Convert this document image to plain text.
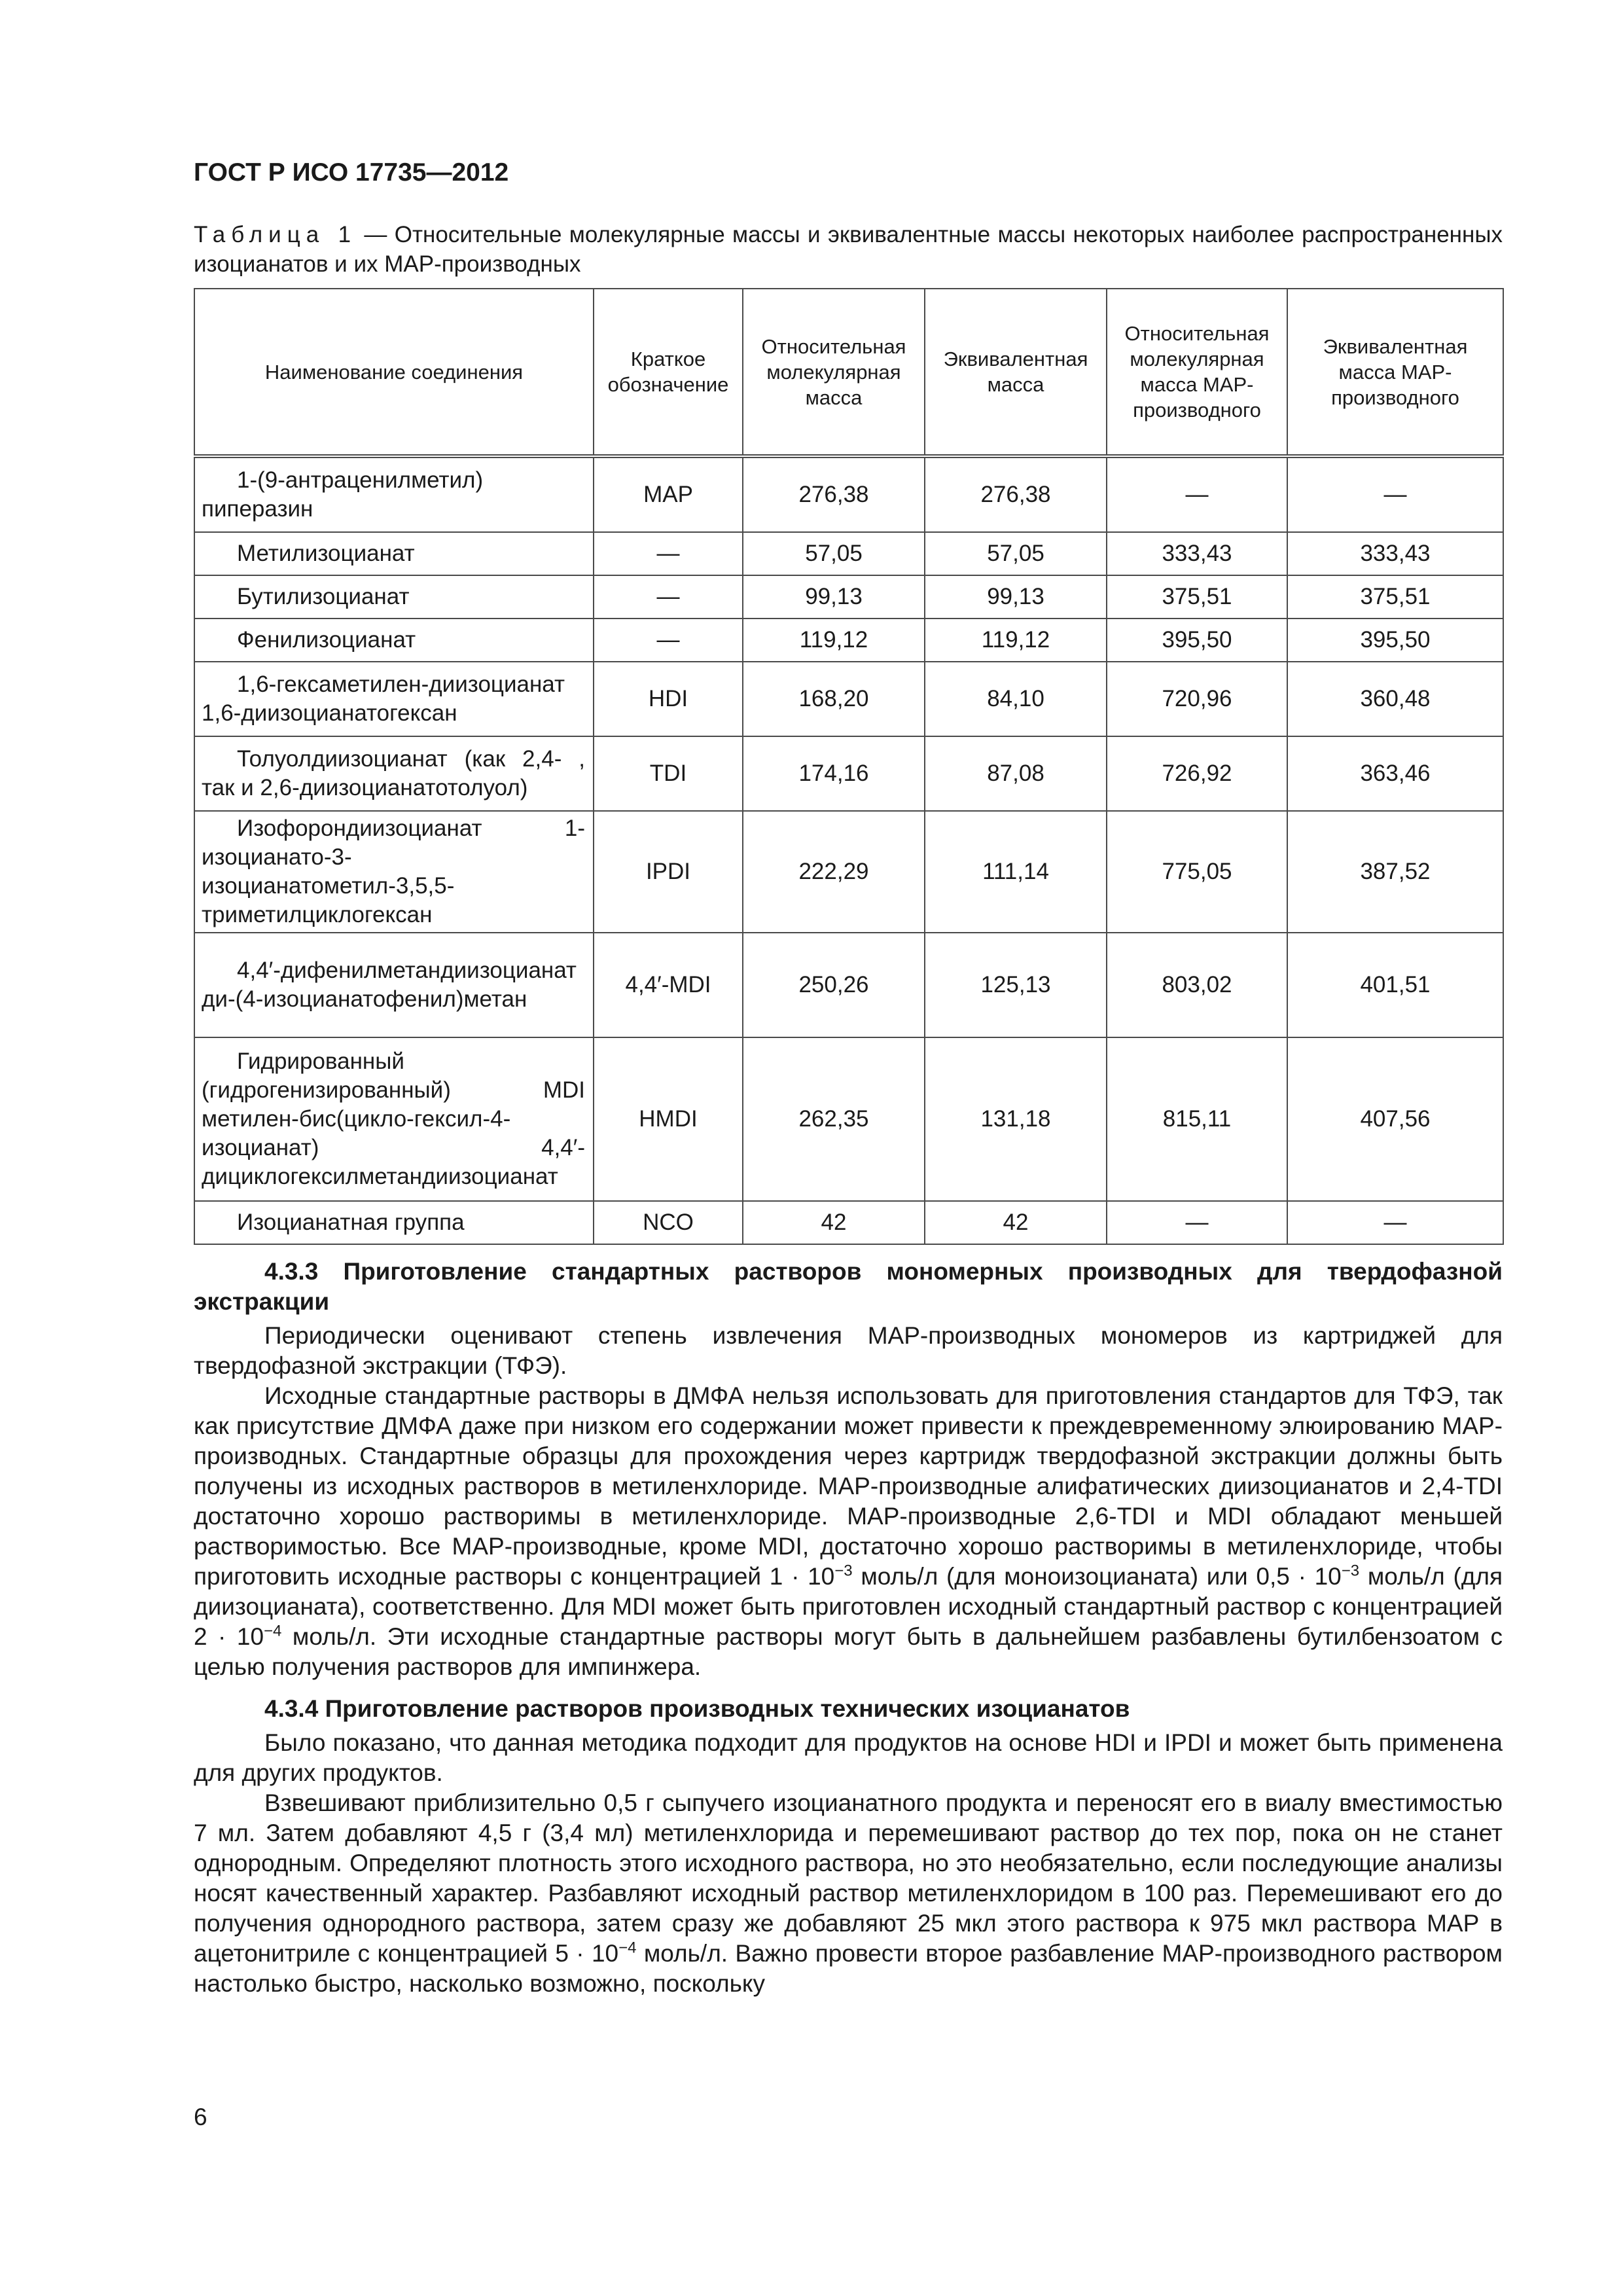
ГОСТ Р ИСО 17735—2012

Таблица 1 — Относительные молекулярные массы и эквивалентные массы некоторых наиболее распространенных изоцианатов и их МАР-производных

Наименование соединения	Краткое обозначение	Относительная молекулярная масса	Эквивалентная масса	Относительная молекулярная масса МАР-производного	Эквивалентная масса МАР-производного
1-(9-антраценилметил) пиперазин	МАР	276,38	276,38	—	—
Метилизоцианат	—	57,05	57,05	333,43	333,43
Бутилизоцианат	—	99,13	99,13	375,51	375,51
Фенилизоцианат	—	119,12	119,12	395,50	395,50
1,6-гексаметилен-диизоцианат 1,6-диизоцианатогексан	HDI	168,20	84,10	720,96	360,48
Толуолдиизоцианат (как 2,4- , так и 2,6-диизоцианатотолуол)	TDI	174,16	87,08	726,92	363,46
Изофорондиизоцианат 1-изоцианато-3-изоцианатометил-3,5,5-триметилциклогексан	IPDI	222,29	111,14	775,05	387,52
4,4′-дифенилметандиизоцианат ди-(4-изоцианатофенил)метан	4,4′-MDI	250,26	125,13	803,02	401,51
Гидрированный (гидрогенизированный) MDI метилен-бис(цикло-гексил-4-изоцианат) 4,4′-дициклогексилметандиизоцианат	HMDI	262,35	131,18	815,11	407,56
Изоцианатная группа	NCO	42	42	—	—

4.3.3 Приготовление стандартных растворов мономерных производных для твердофазной экстракции

Периодически оценивают степень извлечения МАР-производных мономеров из картриджей для твердофазной экстракции (ТФЭ).

Исходные стандартные растворы в ДМФА нельзя использовать для приготовления стандартов для ТФЭ, так как присутствие ДМФА даже при низком его содержании может привести к преждевременному элюированию МАР-производных. Стандартные образцы для прохождения через картридж твердофазной экстракции должны быть получены из исходных растворов в метиленхлориде. МАР-производные алифатических диизоцианатов и 2,4-TDI достаточно хорошо растворимы в метиленхлориде. МАР-производные 2,6-TDI и MDI обладают меньшей растворимостью. Все МАР-производные, кроме MDI, достаточно хорошо растворимы в метиленхлориде, чтобы приготовить исходные растворы с концентрацией $1 \cdot 10^{-3}$ моль/л (для моноизоцианата) или $0,5 \cdot 10^{-3}$ моль/л (для диизоцианата), соответственно. Для MDI может быть приготовлен исходный стандартный раствор с концентрацией $2 \cdot 10^{-4}$ моль/л. Эти исходные стандартные растворы могут быть в дальнейшем разбавлены бутилбензоатом с целью получения растворов для импинжера.

4.3.4 Приготовление растворов производных технических изоцианатов

Было показано, что данная методика подходит для продуктов на основе HDI и IPDI и может быть применена для других продуктов.

Взвешивают приблизительно 0,5 г сыпучего изоцианатного продукта и переносят его в виалу вместимостью 7 мл. Затем добавляют 4,5 г (3,4 мл) метиленхлорида и перемешивают раствор до тех пор, пока он не станет однородным. Определяют плотность этого исходного раствора, но это необязательно, если последующие анализы носят качественный характер. Разбавляют исходный раствор метиленхлоридом в 100 раз. Перемешивают его до получения однородного раствора, затем сразу же добавляют 25 мкл этого раствора к 975 мкл раствора МАР в ацетонитриле с концентрацией $5 \cdot 10^{-4}$ моль/л. Важно провести второе разбавление МАР-производного раствором настолько быстро, насколько возможно, поскольку

6
